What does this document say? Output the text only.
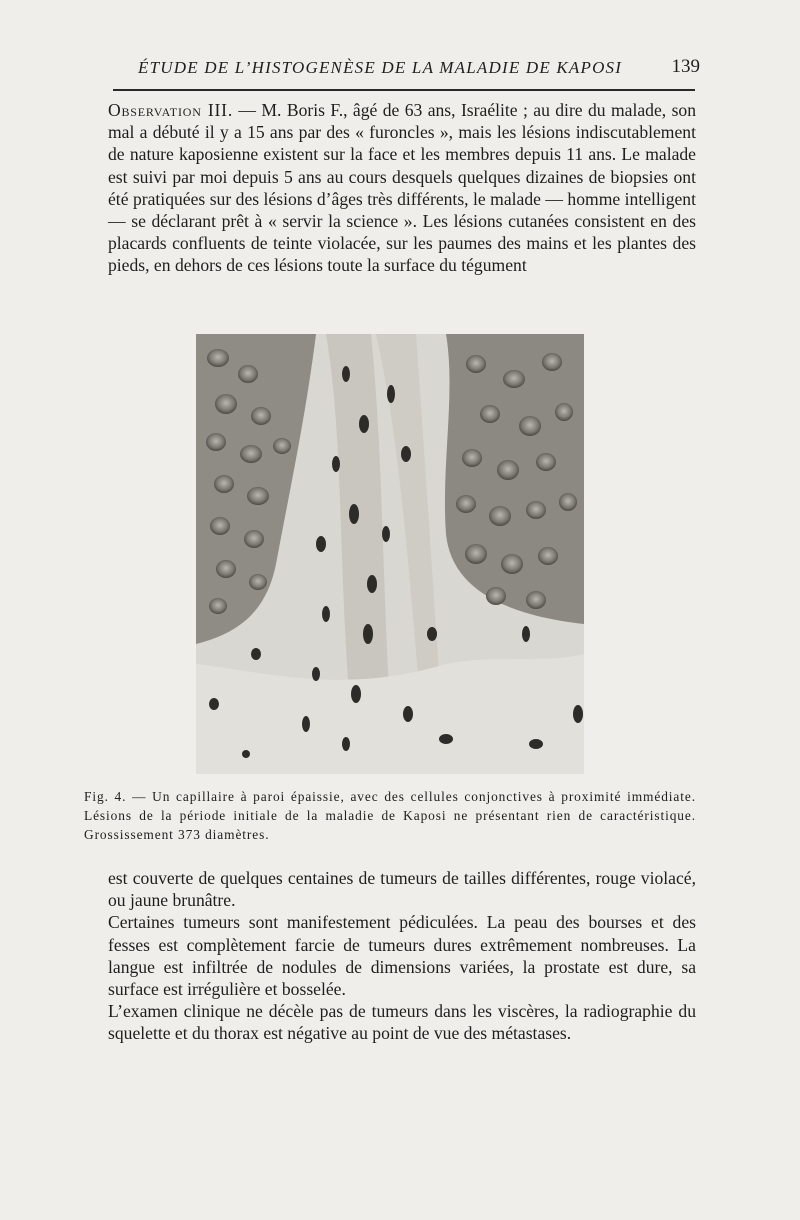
ÉTUDE DE L’HISTOGENÈSE DE LA MALADIE DE KAPOSI	139

Observation III. — M. Boris F., âgé de 63 ans, Israélite ; au dire du malade, son mal a débuté il y a 15 ans par des « furoncles », mais les lésions indiscutablement de nature kaposienne existent sur la face et les membres depuis 11 ans. Le malade est suivi par moi depuis 5 ans au cours desquels quelques dizaines de biopsies ont été pratiquées sur des lésions d’âges très différents, le malade — homme intelligent — se déclarant prêt à « servir la science ». Les lésions cutanées consistent en des placards confluents de teinte violacée, sur les paumes des mains et les plantes des pieds, en dehors de ces lésions toute la surface du tégument

Fig. 4. — Un capillaire à paroi épaissie, avec des cellules conjonctives à proximité immédiate. Lésions de la période initiale de la maladie de Kaposi ne présentant rien de caractéristique. Grossissement 373 diamètres.

est couverte de quelques centaines de tumeurs de tailles différentes, rouge violacé, ou jaune brunâtre.

Certaines tumeurs sont manifestement pédiculées. La peau des bourses et des fesses est complètement farcie de tumeurs dures extrêmement nombreuses. La langue est infiltrée de nodules de dimensions variées, la prostate est dure, sa surface est irrégulière et bosselée.

L’examen clinique ne décèle pas de tumeurs dans les viscères, la radiographie du squelette et du thorax est négative au point de vue des métastases.
